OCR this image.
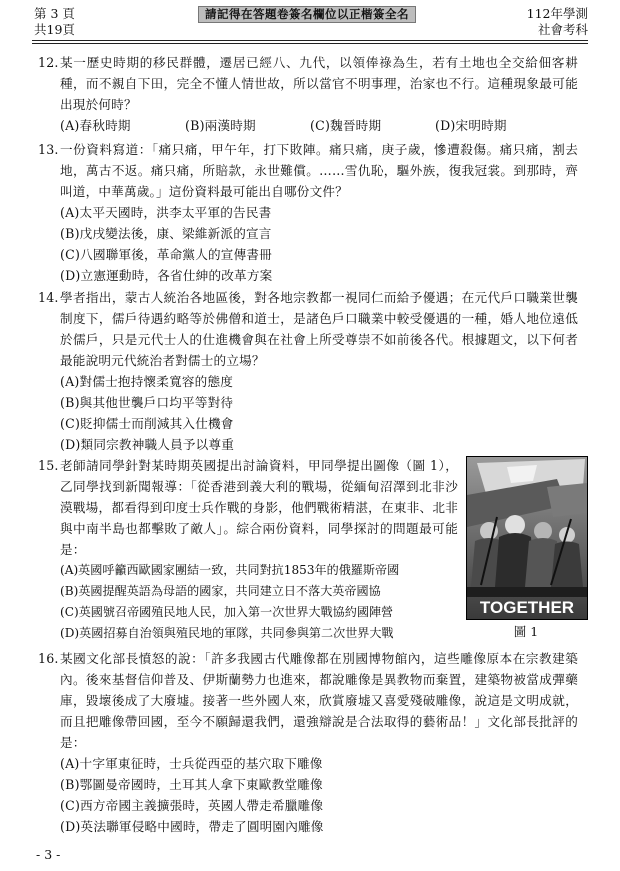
第 3 頁
共19頁
請記得在答題卷簽名欄位以正楷簽全名	112年學測
社會考科
12. 某一歷史時期的移民群體，遷居已經八、九代，以領俸祿為生，若有土地也全交給佃客耕種，而不親自下田，完全不懂人情世故，所以當官不明事理，治家也不行。這種現象最可能出現於何時？
(A)春秋時期	(B)兩漢時期	(C)魏晉時期	(D)宋明時期
13. 一份資料寫道：「痛只痛，甲午年，打下敗陣。痛只痛，庚子歲，慘遭殺傷。痛只痛，割去地，萬古不返。痛只痛，所賠款，永世難償。……雪仇恥，驅外族，復我冠裳。到那時，齊叫道，中華萬歲。」這份資料最可能出自哪份文件？
(A)太平天國時，洪李太平軍的告民書
(B)戊戌變法後，康、梁維新派的宣言
(C)八國聯軍後，革命黨人的宣傳書冊
(D)立憲運動時，各省仕紳的改革方案
14. 學者指出，蒙古人統治各地區後，對各地宗教都一視同仁而給予優遇；在元代戶口職業世襲制度下，儒戶待遇約略等於佛僧和道士，是諸色戶口職業中較受優遇的一種，婚人地位遠低於儒戶，只是元代士人的仕進機會與在社會上所受尊崇不如前後各代。根據題文，以下何者最能說明元代統治者對儒士的立場？
(A)對儒士抱持懷柔寬容的態度
(B)與其他世襲戶口均平等對待
(C)貶抑儒士而削減其入仕機會
(D)類同宗教神職人員予以尊重
15. 老師請同學針對某時期英國提出討論資料，甲同學提出圖像（圖 1），乙同學找到新聞報導：「從香港到義大利的戰場，從緬甸沼澤到北非沙漠戰場，都看得到印度士兵作戰的身影，他們戰術精湛，在東非、北非與中南半島也都擊敗了敵人」。綜合兩份資料，同學探討的問題最可能是：
(A)英國呼籲西歐國家團結一致，共同對抗1853年的俄羅斯帝國
(B)英國提醒英語為母語的國家，共同建立日不落大英帝國協
(C)英國號召帝國殖民地人民，加入第一次世界大戰協約國陣營
(D)英國招募自治領與殖民地的軍隊，共同參與第二次世界大戰
TOGETHER
圖 1
16. 某國文化部長憤怒的說：「許多我國古代雕像都在別國博物館內，這些雕像原本在宗教建築內。後來基督信仰普及、伊斯蘭勢力也進來，都說雕像是異教物而棄置，建築物被當成彈藥庫，毀壞後成了大廢墟。接著一些外國人來，欣賞廢墟又喜愛殘破雕像，說這是文明成就，而且把雕像帶回國，至今不願歸還我們，還強辯說是合法取得的藝術品！」文化部長批評的是：
(A)十字軍東征時，士兵從西亞的基穴取下雕像
(B)鄂圖曼帝國時，土耳其人拿下東歐教堂雕像
(C)西方帝國主義擴張時，英國人帶走希臘雕像
(D)英法聯軍侵略中國時，帶走了圓明園內雕像
- 3 -
